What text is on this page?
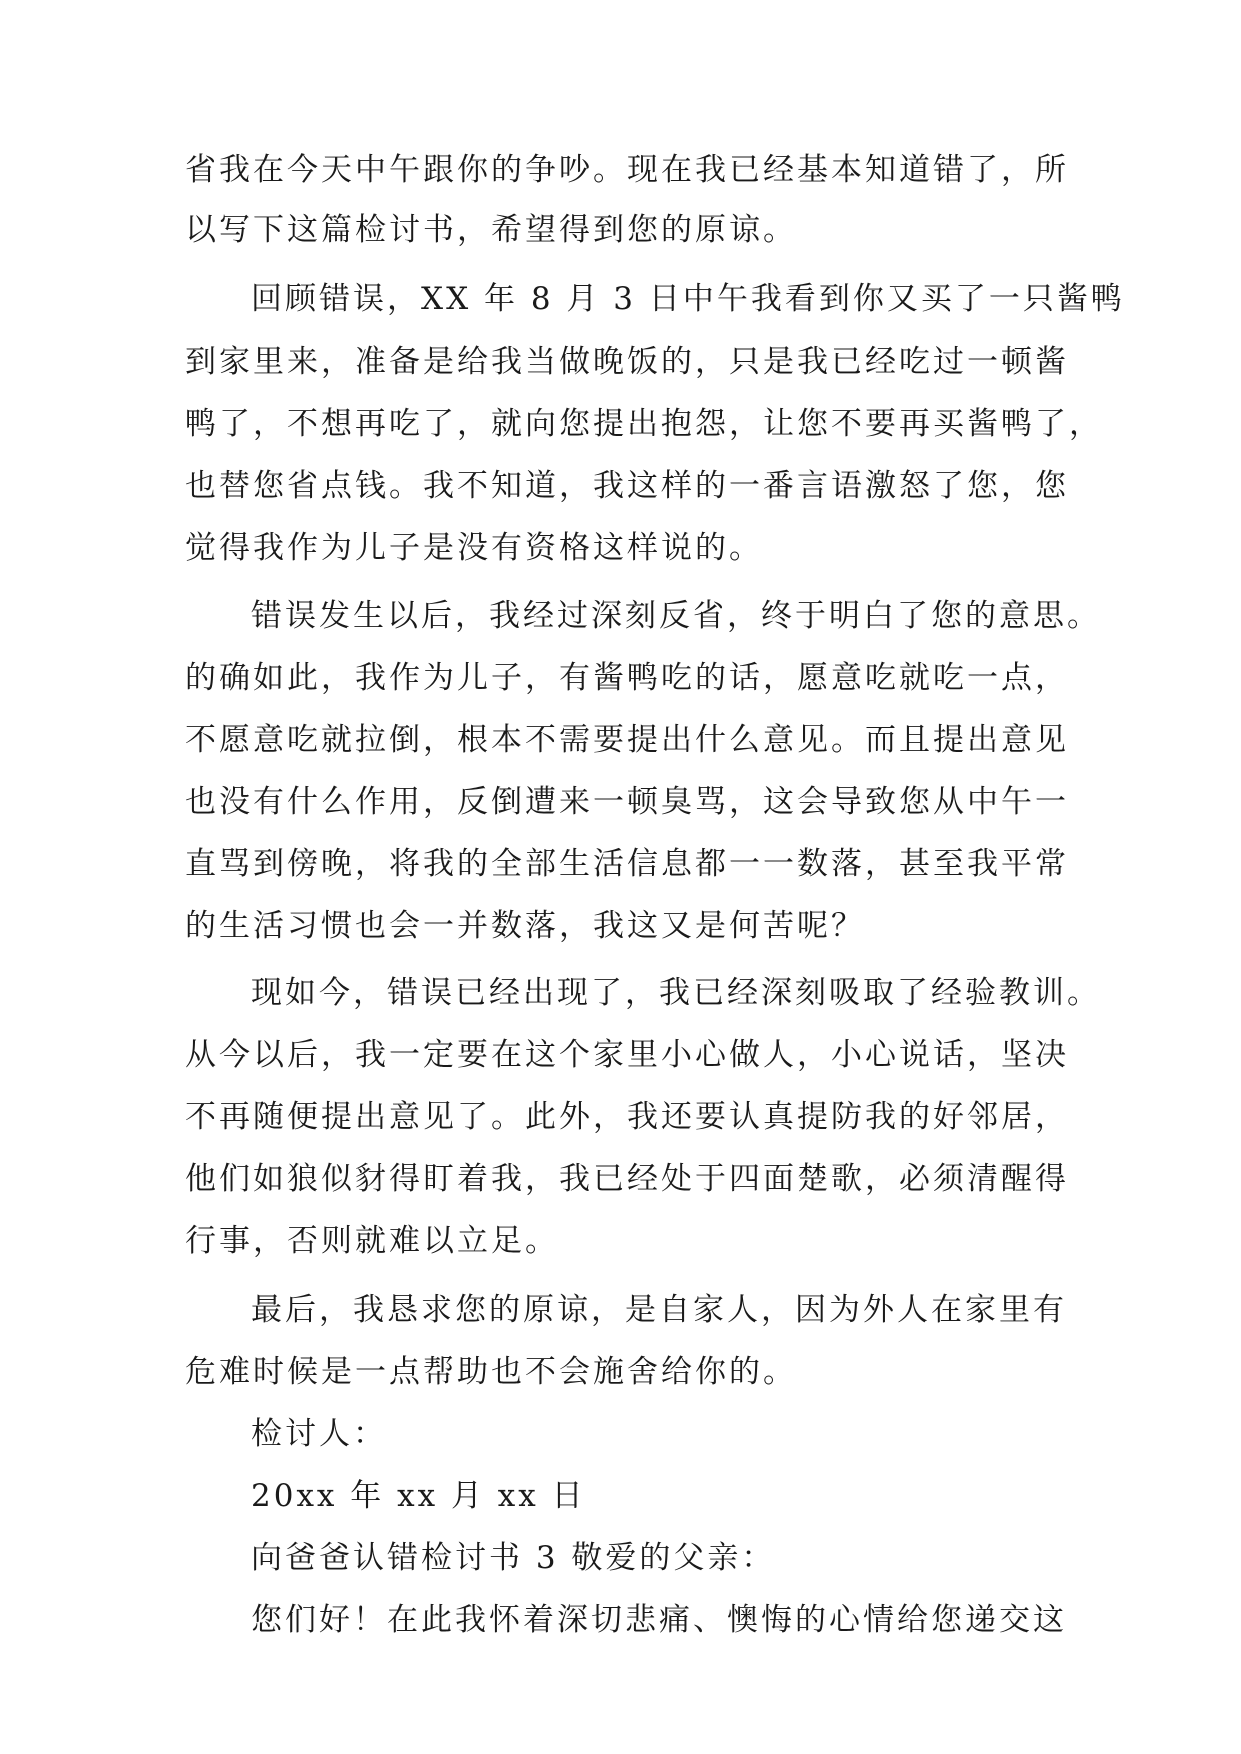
省我在今天中午跟你的争吵。现在我已经基本知道错了，所
以写下这篇检讨书，希望得到您的原谅。
回顾错误，XX 年 8 月 3 日中午我看到你又买了一只酱鸭
到家里来，准备是给我当做晚饭的，只是我已经吃过一顿酱
鸭了，不想再吃了，就向您提出抱怨，让您不要再买酱鸭了，
也替您省点钱。我不知道，我这样的一番言语激怒了您，您
觉得我作为儿子是没有资格这样说的。
错误发生以后，我经过深刻反省，终于明白了您的意思。
的确如此，我作为儿子，有酱鸭吃的话，愿意吃就吃一点，
不愿意吃就拉倒，根本不需要提出什么意见。而且提出意见
也没有什么作用，反倒遭来一顿臭骂，这会导致您从中午一
直骂到傍晚，将我的全部生活信息都一一数落，甚至我平常
的生活习惯也会一并数落，我这又是何苦呢？
现如今，错误已经出现了，我已经深刻吸取了经验教训。
从今以后，我一定要在这个家里小心做人，小心说话，坚决
不再随便提出意见了。此外，我还要认真提防我的好邻居，
他们如狼似豺得盯着我，我已经处于四面楚歌，必须清醒得
行事，否则就难以立足。
最后，我恳求您的原谅，是自家人，因为外人在家里有
危难时候是一点帮助也不会施舍给你的。
检讨人：
20xx 年 xx 月 xx 日
向爸爸认错检讨书 3 敬爱的父亲：
您们好！在此我怀着深切悲痛、懊悔的心情给您递交这
